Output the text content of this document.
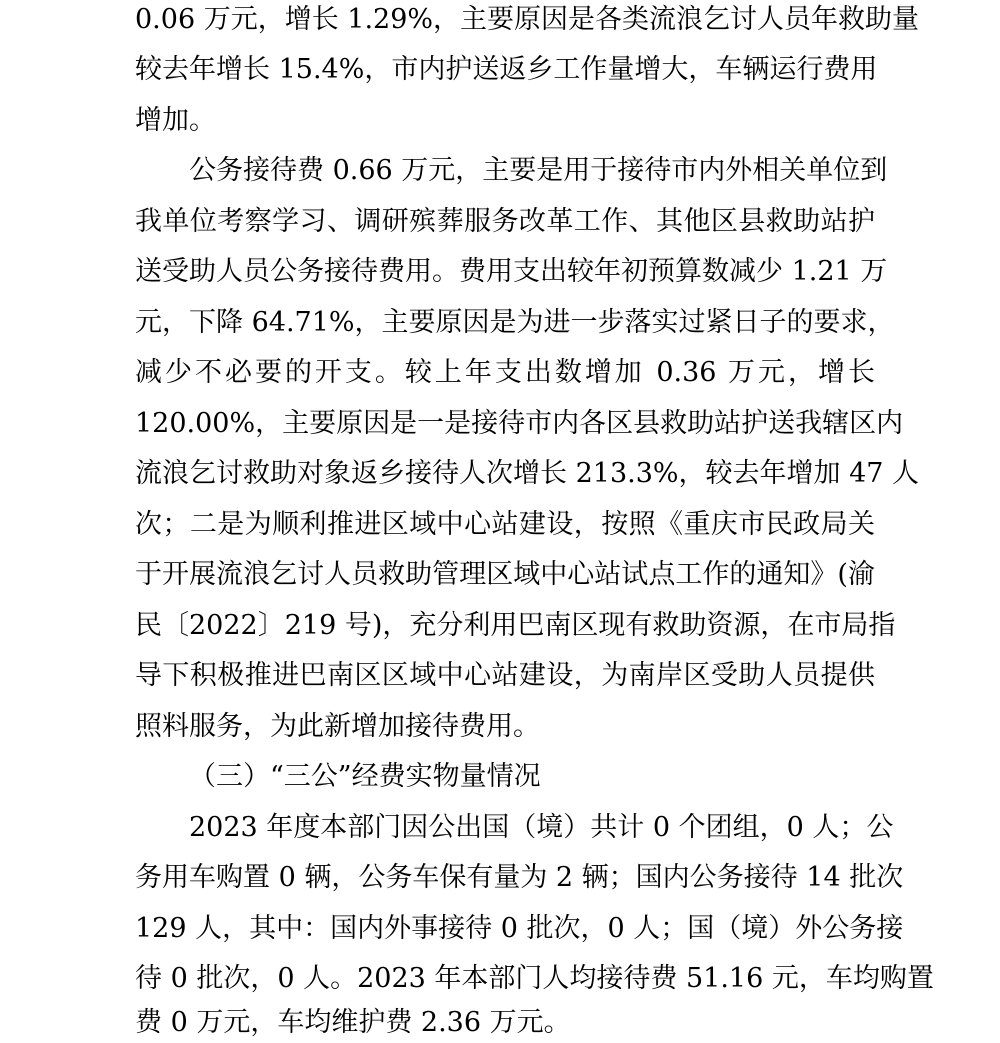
0.06 万元，增长 1.29%，主要原因是各类流浪乞讨人员年救助量
较去年增长 15.4%，市内护送返乡工作量增大，车辆运行费用
增加。
公务接待费 0.66 万元，主要是用于接待市内外相关单位到
我单位考察学习、调研殡葬服务改革工作、其他区县救助站护
送受助人员公务接待费用。费用支出较年初预算数减少 1.21 万
元，下降 64.71%，主要原因是为进一步落实过紧日子的要求，
减少不必要的开支。较上年支出数增加 0.36 万元，增长
120.00%，主要原因是一是接待市内各区县救助站护送我辖区内
流浪乞讨救助对象返乡接待人次增长 213.3%，较去年增加 47 人
次；二是为顺利推进区域中心站建设，按照《重庆市民政局关
于开展流浪乞讨人员救助管理区域中心站试点工作的通知》(渝
民〔2022〕219 号)，充分利用巴南区现有救助资源，在市局指
导下积极推进巴南区区域中心站建设，为南岸区受助人员提供
照料服务，为此新增加接待费用。
（三）“三公”经费实物量情况
2023 年度本部门因公出国（境）共计 0 个团组，0 人；公
务用车购置 0 辆，公务车保有量为 2 辆；国内公务接待 14 批次
129 人，其中：国内外事接待 0 批次，0 人；国（境）外公务接
待 0 批次，0 人。2023 年本部门人均接待费 51.16 元，车均购置
费 0 万元，车均维护费 2.36 万元。
